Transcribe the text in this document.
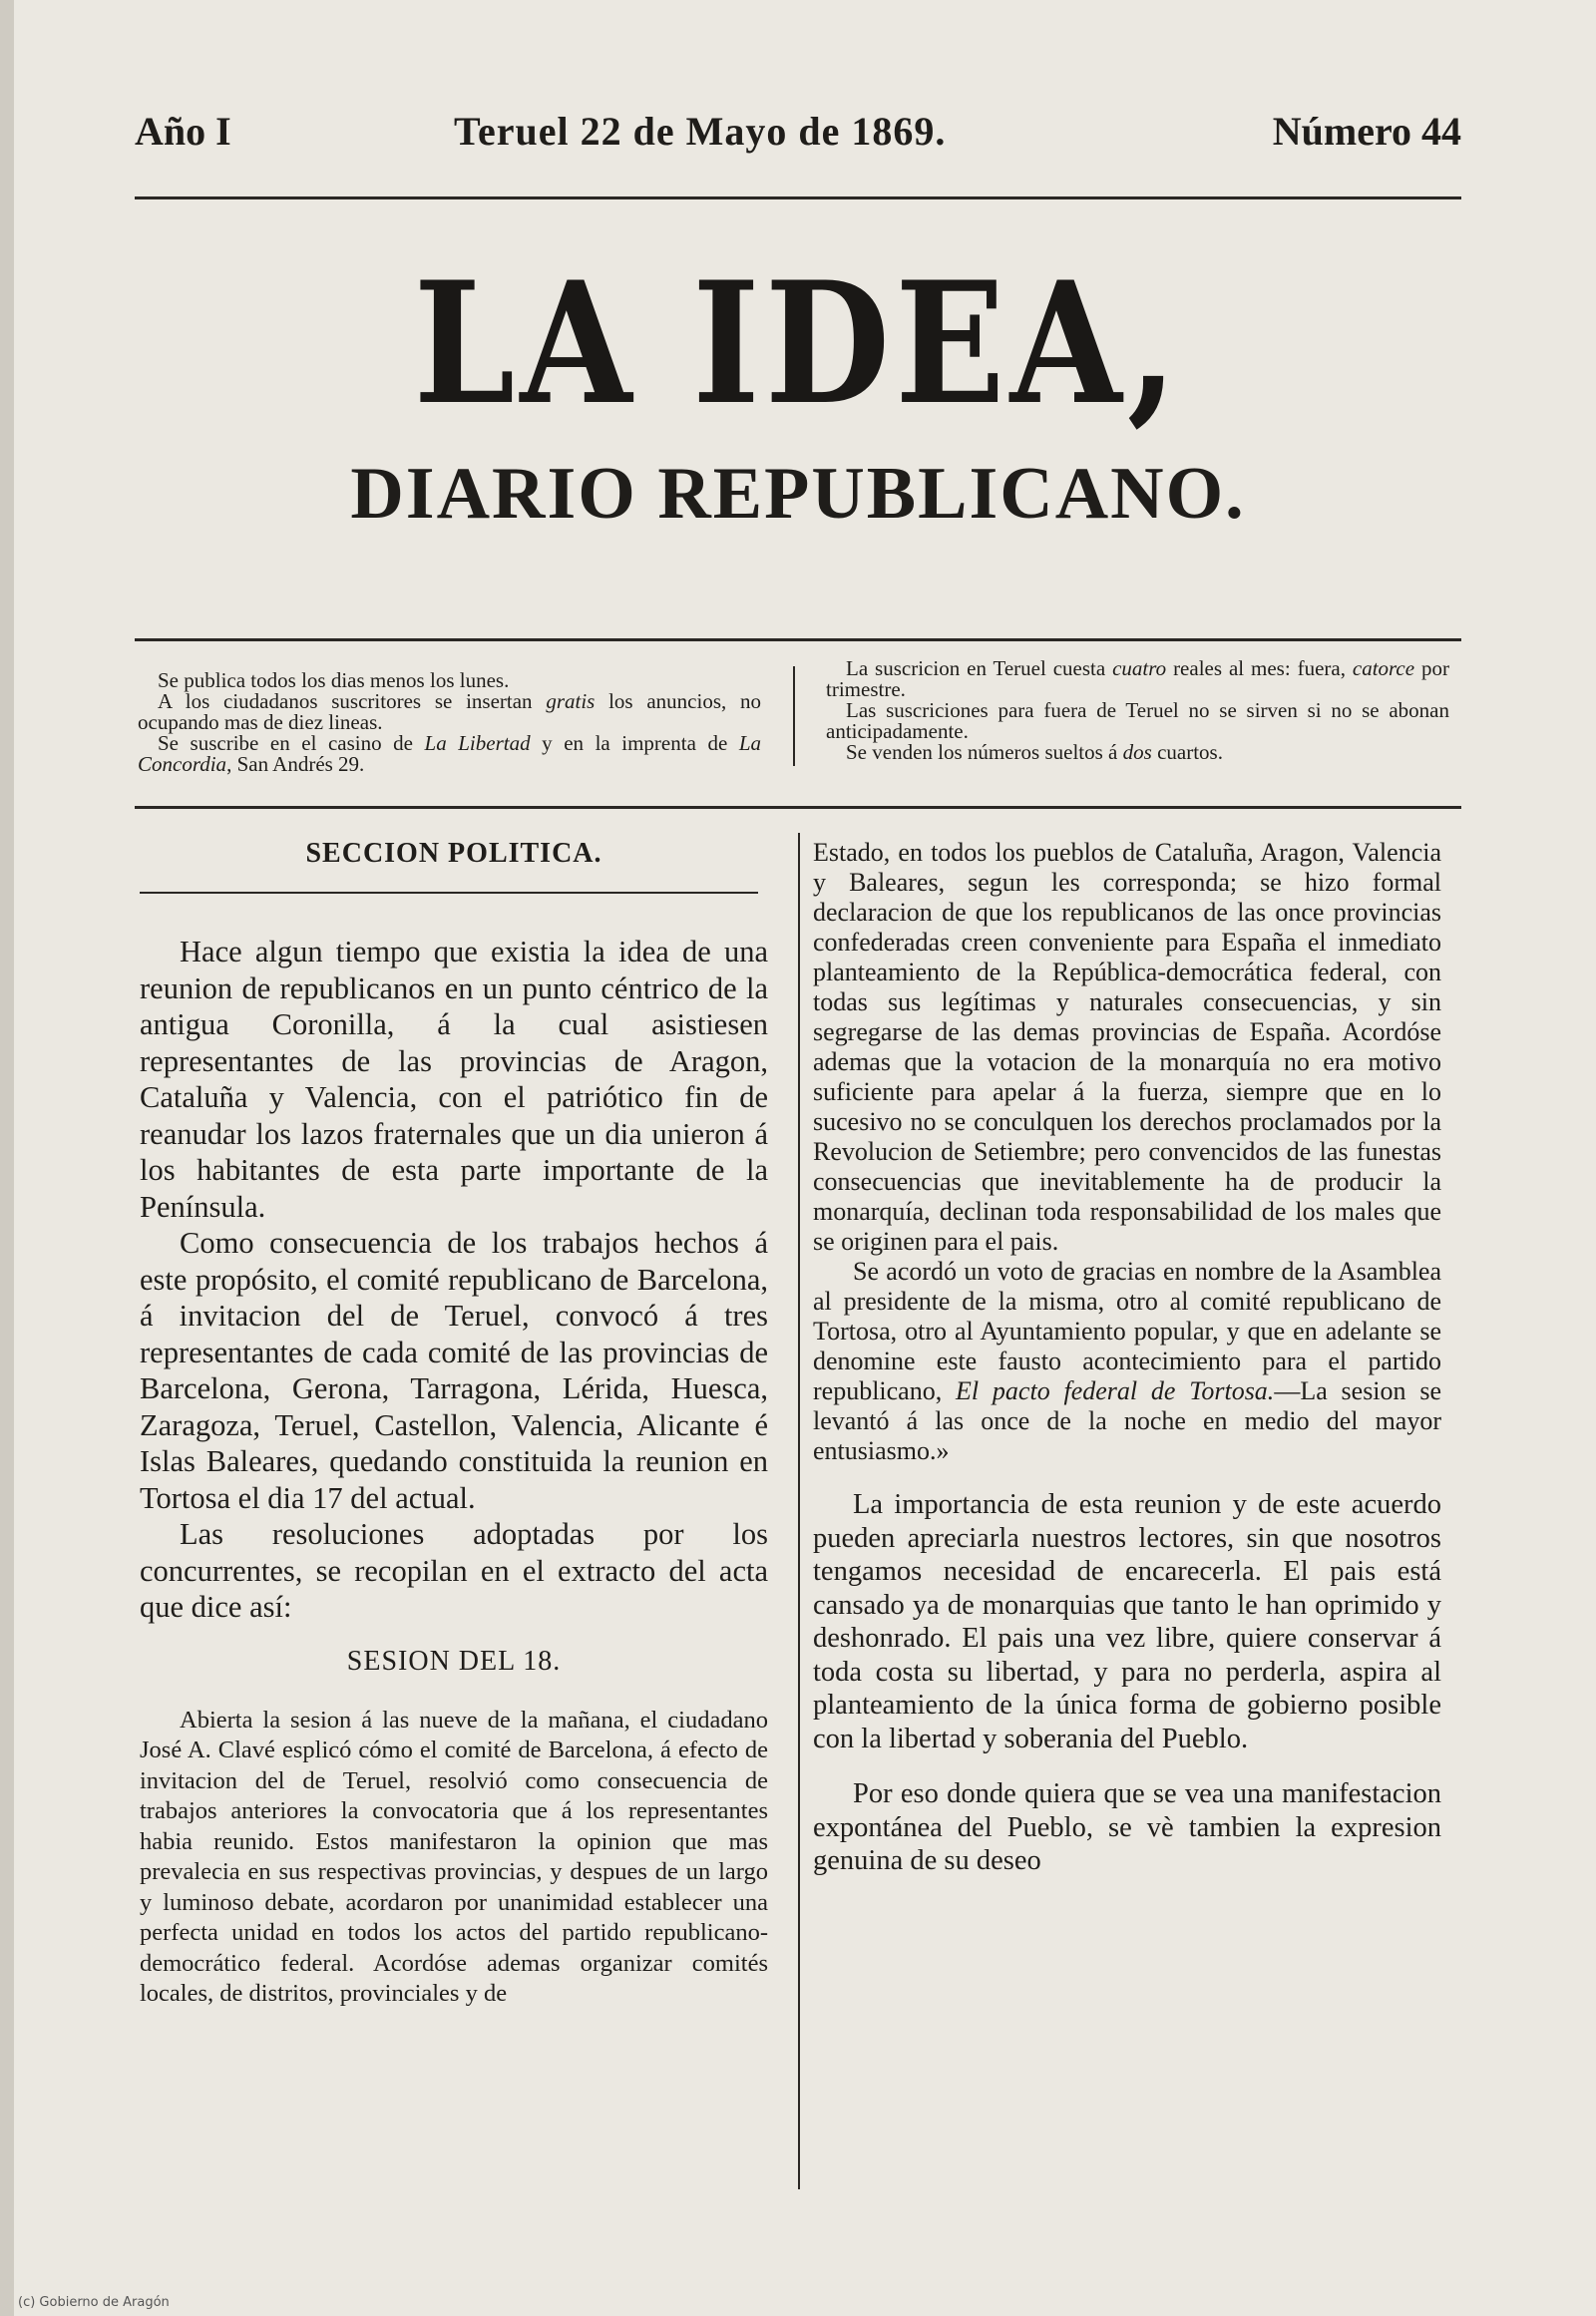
Año I	Teruel 22 de Mayo de 1869.	Número 44
LA IDEA,
DIARIO REPUBLICANO.

Se publica todos los dias menos los lunes.

A los ciudadanos suscritores se insertan gratis los anuncios, no ocupando mas de diez lineas.

Se suscribe en el casino de La Libertad y en la imprenta de La Concordia, San Andrés 29.

La suscricion en Teruel cuesta cuatro reales al mes: fuera, catorce por trimestre.

Las suscriciones para fuera de Teruel no se sirven si no se abonan anticipadamente.

Se venden los números sueltos á dos cuartos.

SECCION POLITICA.

Hace algun tiempo que existia la idea de una reunion de republicanos en un punto céntrico de la antigua Coronilla, á la cual asistiesen representantes de las provincias de Aragon, Cataluña y Valencia, con el patriótico fin de reanudar los lazos fraternales que un dia unieron á los habitantes de esta parte importante de la Península.

Como consecuencia de los trabajos hechos á este propósito, el comité republicano de Barcelona, á invitacion del de Teruel, convocó á tres representantes de cada comité de las provincias de Barcelona, Gerona, Tarragona, Lérida, Huesca, Zaragoza, Teruel, Castellon, Valencia, Alicante é Islas Baleares, quedando constituida la reunion en Tortosa el dia 17 del actual.

Las resoluciones adoptadas por los concurrentes, se recopilan en el extracto del acta que dice así:

SESION DEL 18.

Abierta la sesion á las nueve de la mañana, el ciudadano José A. Clavé esplicó cómo el comité de Barcelona, á efecto de invitacion del de Teruel, resolvió como consecuencia de trabajos anteriores la convocatoria que á los representantes habia reunido. Estos manifestaron la opinion que mas prevalecia en sus respectivas provincias, y despues de un largo y luminoso debate, acordaron por unanimidad establecer una perfecta unidad en todos los actos del partido republicano-democrático federal. Acordóse ademas organizar comités locales, de distritos, provinciales y de

Estado, en todos los pueblos de Cataluña, Aragon, Valencia y Baleares, segun les corresponda; se hizo formal declaracion de que los republicanos de las once provincias confederadas creen conveniente para España el inmediato planteamiento de la República-democrática federal, con todas sus legítimas y naturales consecuencias, y sin segregarse de las demas provincias de España. Acordóse ademas que la votacion de la monarquía no era motivo suficiente para apelar á la fuerza, siempre que en lo sucesivo no se conculquen los derechos proclamados por la Revolucion de Setiembre; pero convencidos de las funestas consecuencias que inevitablemente ha de producir la monarquía, declinan toda responsabilidad de los males que se originen para el pais.

Se acordó un voto de gracias en nombre de la Asamblea al presidente de la misma, otro al comité republicano de Tortosa, otro al Ayuntamiento popular, y que en adelante se denomine este fausto acontecimiento para el partido republicano, El pacto federal de Tortosa.—La sesion se levantó á las once de la noche en medio del mayor entusiasmo.»

La importancia de esta reunion y de este acuerdo pueden apreciarla nuestros lectores, sin que nosotros tengamos necesidad de encarecerla. El pais está cansado ya de monarquias que tanto le han oprimido y deshonrado. El pais una vez libre, quiere conservar á toda costa su libertad, y para no perderla, aspira al planteamiento de la única forma de gobierno posible con la libertad y soberania del Pueblo.

Por eso donde quiera que se vea una manifestacion expontánea del Pueblo, se vè tambien la expresion genuina de su deseo

(c) Gobierno de Aragón
